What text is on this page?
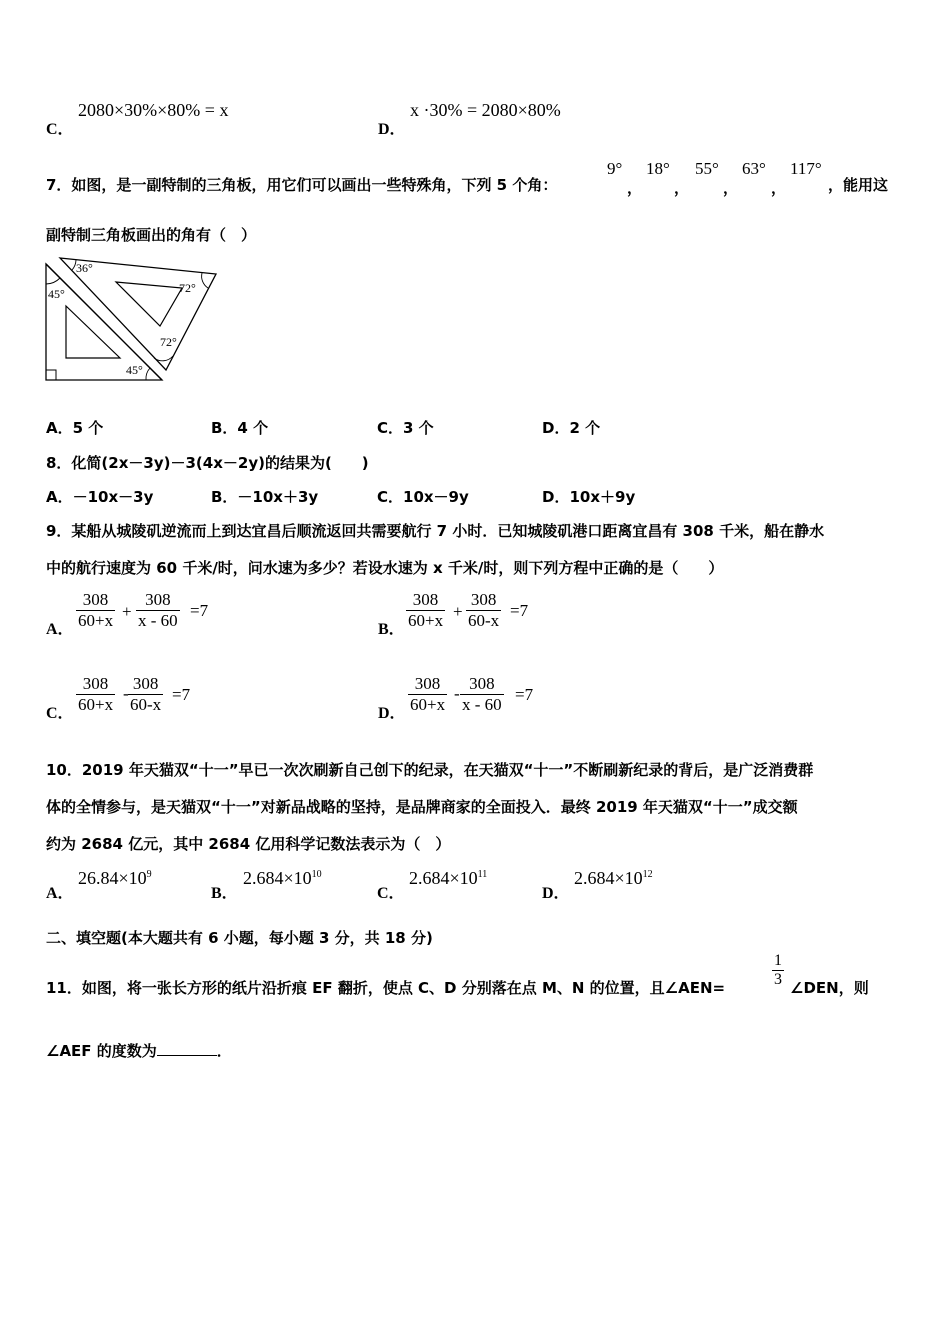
C．
2080×30%×80% = x
D．
x ·30% = 2080×80%
7．如图，是一副特制的三角板，用它们可以画出一些特殊角，下列 5 个角：
9°
，
18°
，
55°
，
63°
，
117°
，能用这
副特制三角板画出的角有（　）
36°
45°	72°
72°
45°
A．5 个	B．4 个	C．3 个	D．2 个
8．化简(2x－3y)－3(4x－2y)的结果为(　　)
A．－10x－3y	B．－10x＋3y	C．10x－9y	D．10x＋9y
9．某船从城陵矶逆流而上到达宜昌后顺流返回共需要航行 7 小时．已知城陵矶港口距离宜昌有 308 千米，船在静水
中的航行速度为 60 千米/时，问水速为多少？若设水速为 x 千米/时，则下列方程中正确的是（　　）
A． $\frac{308}{60+x} + \frac{308}{x - 60} =7$
B． $\frac{308}{60+x} + \frac{308}{60-x} =7$
C． $\frac{308}{60+x} - \frac{308}{60-x} =7$
D． $\frac{308}{60+x} - \frac{308}{x - 60} =7$
10．2019 年天猫双“十一”早已一次次刷新自己创下的纪录，在天猫双“十一”不断刷新纪录的背后，是广泛消费群
体的全情参与，是天猫双“十一”对新品战略的坚持，是品牌商家的全面投入．最终 2019 年天猫双“十一”成交额
约为 2684 亿元，其中 2684 亿用科学记数法表示为（　）
A．
$26.84\times 10^9$
B．
$2.684\times 10^{10}$
C．
$2.684\times 10^{11}$
D．
$2.684\times 10^{12}$
二、填空题(本大题共有 6 小题，每小题 3 分，共 18 分)
11．如图，将一张长方形的纸片沿折痕 EF 翻折，使点 C、D 分别落在点 M、N 的位置，且∠AEN=	$\frac{1}{3}$ ∠DEN，则
∠AEF 的度数为	．
